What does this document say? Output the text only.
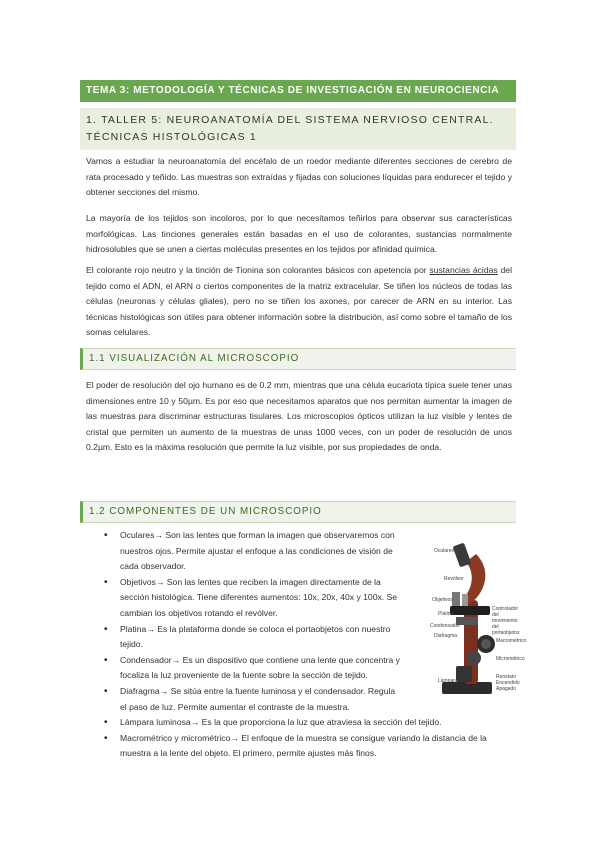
TEMA 3: METODOLOGÍA Y TÉCNICAS DE INVESTIGACIÓN EN NEUROCIENCIA
1. TALLER 5: NEUROANATOMÍA DEL SISTEMA NERVIOSO CENTRAL. TÉCNICAS HISTOLÓGICAS 1

Vamos a estudiar la neuroanatomía del encéfalo de un roedor mediante diferentes secciones de cerebro de rata procesado y teñido. Las muestras son extraídas y fijadas con soluciones líquidas para endurecer el tejido y obtener secciones del mismo.

La mayoría de los tejidos son incoloros, por lo que necesitamos teñirlos para observar sus características morfológicas. Las tinciones generales están basadas en el uso de colorantes, sustancias normalmente hidrosolubles que se unen a ciertas moléculas presentes en los tejidos por afinidad química.

El colorante rojo neutro y la tinción de Tionina son colorantes básicos con apetencia por sustancias ácidas del tejido como el ADN, el ARN o ciertos componentes de la matriz extracelular. Se tiñen los núcleos de todas las células (neuronas y células gliales), pero no se tiñen los axones, por carecer de ARN en su interior. Las técnicas histológicas son útiles para obtener información sobre la distribución, así como sobre el tamaño de los somas celulares.

1.1 VISUALIZACIÓN AL MICROSCOPIO

El poder de resolución del ojo humano es de 0.2 mm, mientras que una célula eucariota típica suele tener unas dimensiones entre 10 y 50µm. Es por eso que necesitamos aparatos que nos permitan aumentar la imagen de las muestras para discriminar estructuras tisulares. Los microscopios ópticos utilizan la luz visible y lentes de cristal que permiten un aumento de la muestras de unas 1000 veces, con un poder de resolución de unos 0.2µm. Esto es la máxima resolución que permite la luz visible, por sus propiedades de onda.

1.2 COMPONENTES DE UN MICROSCOPIO
• Oculares→ Son las lentes que forman la imagen que observaremos con nuestros ojos. Permite ajustar el enfoque a las condiciones de visión de cada observador.
• Objetivos→ Son las lentes que reciben la imagen directamente de la sección histológica. Tiene diferentes aumentos: 10x, 20x, 40x y 100x. Se cambian los objetivos rotando el revólver.
• Platina→ Es la plataforma donde se coloca el portaobjetos con nuestro tejido.
• Condensador→ Es un dispositivo que contiene una lente que concentra y focaliza la luz proveniente de la fuente sobre la sección de tejido.
• Diafragma→ Se sitúa entre la fuente luminosa y el condensador. Regula el paso de luz. Permite aumentar el contraste de la muestra.
• Lámpara luminosa→ Es la que proporciona la luz que atraviesa la sección del tejido.
• Macrométrico y micrométrico→ El enfoque de la muestra se consigue variando la distancia de la muestra a la lente del objeto. El primero, permite ajustes más finos.
Oculares
Revólver
Objetivos
Platina
Condensador
Diafragma
Lámpara
Controlador del movimiento del portaobjetos
Macrométrico
Micrométrico
Reostato Encendido Apagado
